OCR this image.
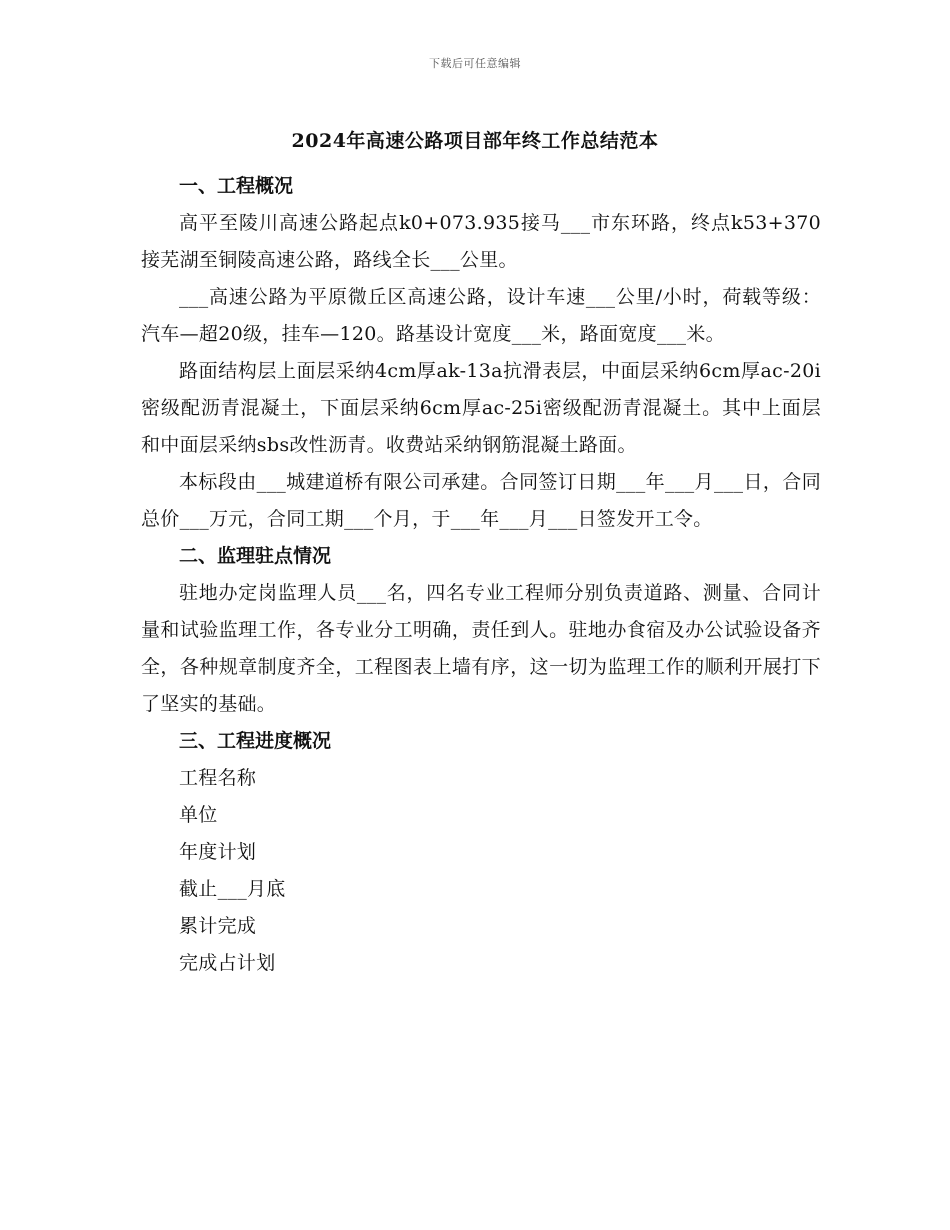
下载后可任意编辑
2024年高速公路项目部年终工作总结范本
一、工程概况

高平至陵川高速公路起点k0+073.935接马___市东环路，终点k53+370接芜湖至铜陵高速公路，路线全长___公里。

___高速公路为平原微丘区高速公路，设计车速___公里/小时，荷载等级：汽车—超20级，挂车—120。路基设计宽度___米，路面宽度___米。

路面结构层上面层采纳4cm厚ak-13a抗滑表层，中面层采纳6cm厚ac-20i密级配沥青混凝土，下面层采纳6cm厚ac-25i密级配沥青混凝土。其中上面层和中面层采纳sbs改性沥青。收费站采纳钢筋混凝土路面。

本标段由___城建道桥有限公司承建。合同签订日期___年___月___日，合同总价___万元，合同工期___个月，于___年___月___日签发开工令。

二、监理驻点情况

驻地办定岗监理人员___名，四名专业工程师分别负责道路、测量、合同计量和试验监理工作，各专业分工明确，责任到人。驻地办食宿及办公试验设备齐全，各种规章制度齐全，工程图表上墙有序，这一切为监理工作的顺利开展打下了坚实的基础。

三、工程进度概况
工程名称
单位
年度计划
截止___月底
累计完成
完成占计划
